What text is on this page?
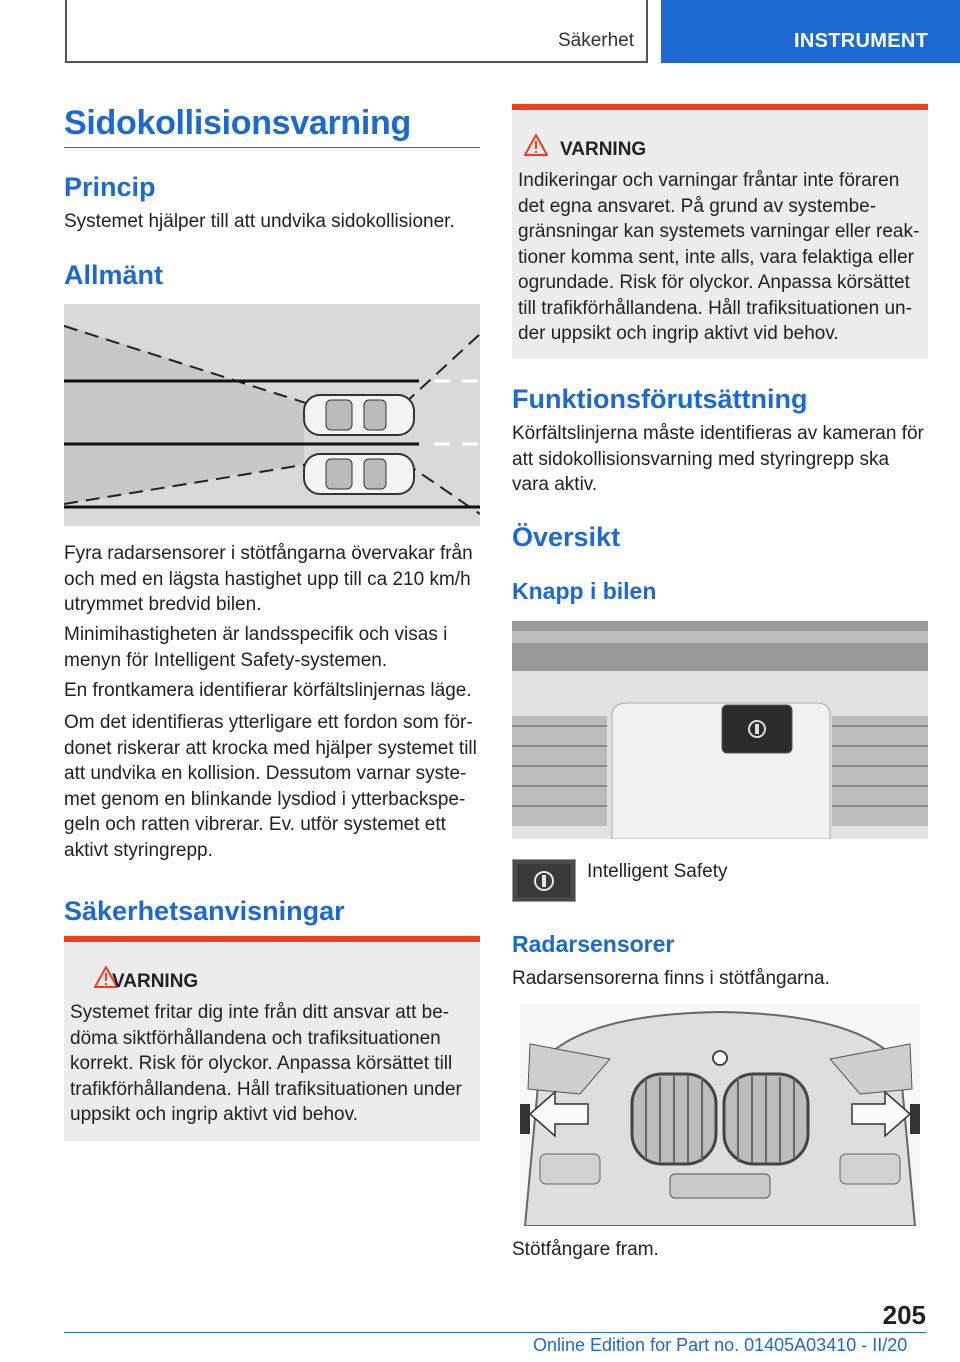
Säkerhet	INSTRUMENT
Sidokollisionsvarning
Princip
Systemet hjälper till att undvika sidokollisioner.
Allmänt
Fyra radarsensorer i stötfångarna övervakar från
och med en lägsta hastighet upp till ca 210 km/h
utrymmet bredvid bilen.
Minimihastigheten är landsspecifik och visas i
menyn för Intelligent Safety-systemen.
En frontkamera identifierar körfältslinjernas läge.
Om det identifieras ytterligare ett fordon som för-
donet riskerar att krocka med hjälper systemet till
att undvika en kollision. Dessutom varnar syste-
met genom en blinkande lysdiod i ytterbackspe-
geln och ratten vibrerar. Ev. utför systemet ett
aktivt styringrepp.
Säkerhetsanvisningar
VARNING
Systemet fritar dig inte från ditt ansvar att be-
döma siktförhållandena och trafiksituationen
korrekt. Risk för olyckor. Anpassa körsättet till
trafikförhållandena. Håll trafiksituationen under
uppsikt och ingrip aktivt vid behov.
VARNING
Indikeringar och varningar fråntar inte föraren
det egna ansvaret. På grund av systembe-
gränsningar kan systemets varningar eller reak-
tioner komma sent, inte alls, vara felaktiga eller
ogrundade. Risk för olyckor. Anpassa körsättet
till trafikförhållandena. Håll trafiksituationen un-
der uppsikt och ingrip aktivt vid behov.
Funktionsförutsättning
Körfältslinjerna måste identifieras av kameran för
att sidokollisionsvarning med styringrepp ska
vara aktiv.
Översikt
Knapp i bilen
Intelligent Safety
Radarsensorer
Radarsensorerna finns i stötfångarna.
Stötfångare fram.
205
Online Edition for Part no. 01405A03410 - II/20
